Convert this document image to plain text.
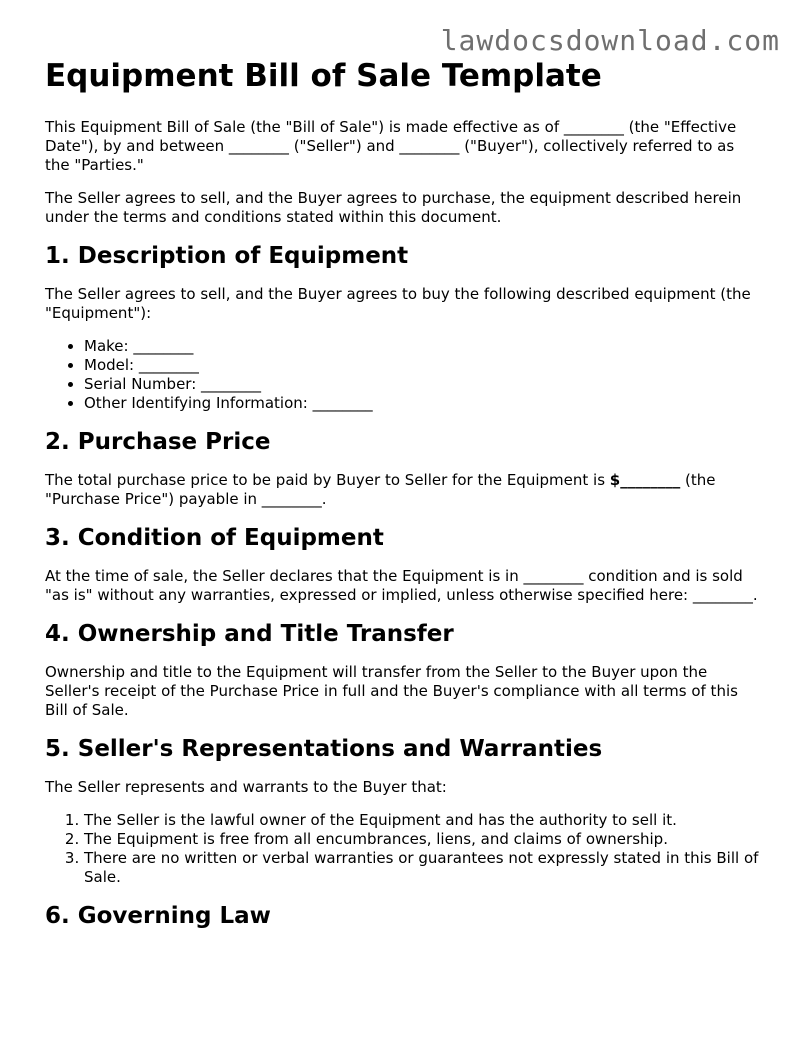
lawdocsdownload.com
Equipment Bill of Sale Template

This Equipment Bill of Sale (the "Bill of Sale") is made effective as of ________ (the "Effective Date"), by and between ________ ("Seller") and ________ ("Buyer"), collectively referred to as the "Parties."

The Seller agrees to sell, and the Buyer agrees to purchase, the equipment described herein under the terms and conditions stated within this document.

1. Description of Equipment

The Seller agrees to sell, and the Buyer agrees to buy the following described equipment (the "Equipment"):

• Make: ________
• Model: ________
• Serial Number: ________
• Other Identifying Information: ________
2. Purchase Price

The total purchase price to be paid by Buyer to Seller for the Equipment is $________ (the "Purchase Price") payable in ________.

3. Condition of Equipment

At the time of sale, the Seller declares that the Equipment is in ________ condition and is sold "as is" without any warranties, expressed or implied, unless otherwise specified here: ________.

4. Ownership and Title Transfer

Ownership and title to the Equipment will transfer from the Seller to the Buyer upon the Seller's receipt of the Purchase Price in full and the Buyer's compliance with all terms of this Bill of Sale.

5. Seller's Representations and Warranties

The Seller represents and warrants to the Buyer that:

1. The Seller is the lawful owner of the Equipment and has the authority to sell it.
2. The Equipment is free from all encumbrances, liens, and claims of ownership.
3. There are no written or verbal warranties or guarantees not expressly stated in this Bill of Sale.
6. Governing Law
